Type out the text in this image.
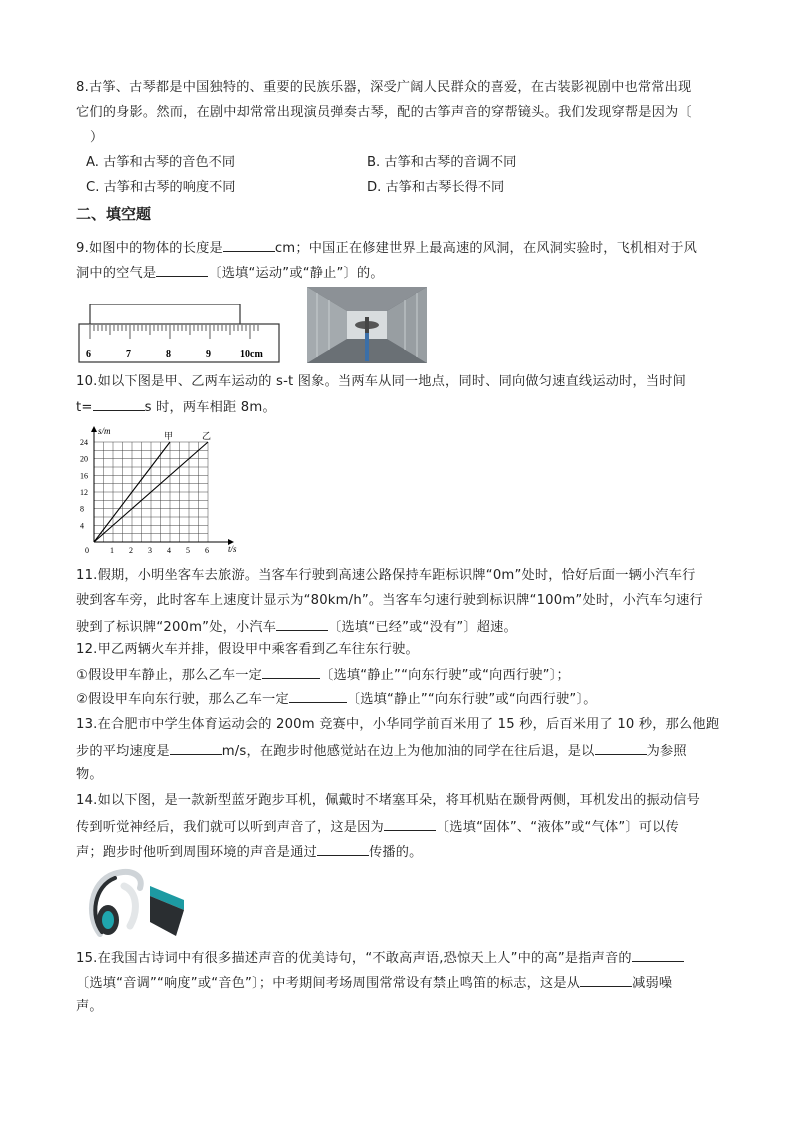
8.古筝、古琴都是中国独特的、重要的民族乐器，深受广阔人民群众的喜爱，在古装影视剧中也常常出现
它们的身影。然而，在剧中却常常出现演员弹奏古琴，配的古筝声音的穿帮镜头。我们发现穿帮是因为〔
）
A. 古筝和古琴的音色不同	B. 古筝和古琴的音调不同
C. 古筝和古琴的响度不同	D. 古筝和古琴长得不同
二、填空题
9.如图中的物体的长度是	cm；中国正在修建世界上最高速的风洞，在风洞实验时，飞机相对于风
洞中的空气是	〔选填“运动”或“静止”〕的。
6	7	8	9	10cm
10.如以下图是甲、乙两车运动的 s-t 图象。当两车从同一地点，同时、同向做匀速直线运动时，当时间
t=	s 时，两车相距 8m。
0	1 2 3 4 5 6
4
8
12
16
20
24
甲	乙
s/m
t/s
11.假期，小明坐客车去旅游。当客车行驶到高速公路保持车距标识牌“0m”处时，恰好后面一辆小汽车行
驶到客车旁，此时客车上速度计显示为“80km/h”。当客车匀速行驶到标识牌“100m”处时，小汽车匀速行
驶到了标识牌“200m”处，小汽车	〔选填“已经”或“没有”〕超速。
12.甲乙两辆火车并排，假设甲中乘客看到乙车往东行驶。
①假设甲车静止，那么乙车一定	〔选填“静止”“向东行驶”或“向西行驶”〕；
②假设甲车向东行驶，那么乙车一定	〔选填“静止”“向东行驶”或“向西行驶”〕。
13.在合肥市中学生体育运动会的 200m 竞赛中，小华同学前百米用了 15 秒，后百米用了 10 秒，那么他跑
步的平均速度是	m/s，在跑步时他感觉站在边上为他加油的同学在往后退，是以	为参照
物。
14.如以下图，是一款新型蓝牙跑步耳机，佩戴时不堵塞耳朵，将耳机贴在颞骨两侧，耳机发出的振动信号
传到听觉神经后，我们就可以听到声音了，这是因为	〔选填“固体”、“液体”或“气体”〕可以传
声；跑步时他听到周围环境的声音是通过	传播的。
15.在我国古诗词中有很多描述声音的优美诗句，“不敢高声语,恐惊天上人”中的高”是指声音的
〔选填“音调”“响度”或“音色”〕；中考期间考场周围常常设有禁止鸣笛的标志，这是从	减弱噪
声。
